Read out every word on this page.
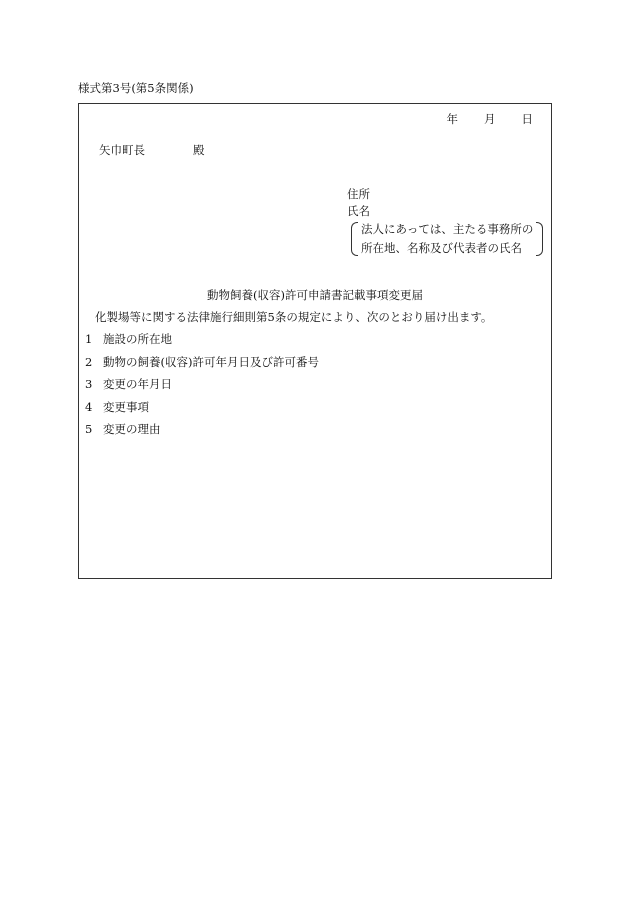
様式第3号(第5条関係)
年 月 日
矢巾町長	殿
住所
氏名
法人にあっては、主たる事務所の
所在地、名称及び代表者の氏名
動物飼養(収容)許可申請書記載事項変更届
化製場等に関する法律施行細則第5条の規定により、次のとおり届け出ます。
1 施設の所在地
2 動物の飼養(収容)許可年月日及び許可番号
3 変更の年月日
4 変更事項
5 変更の理由
